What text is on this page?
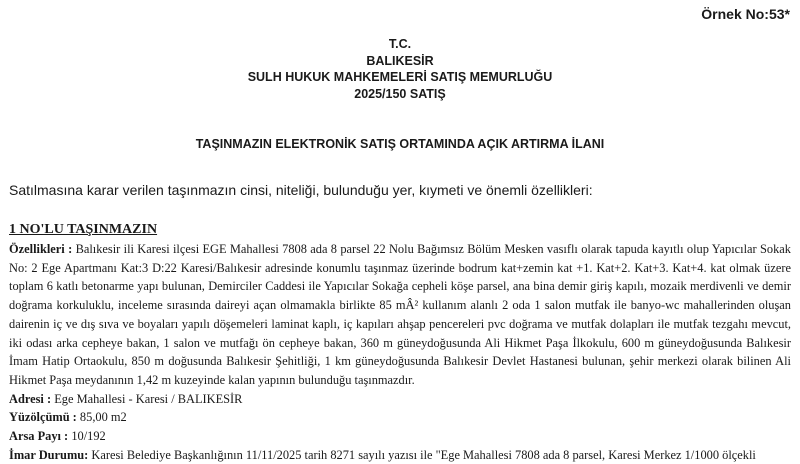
Örnek No:53*
T.C.
BALIKESİR
SULH HUKUK MAHKEMELERİ SATIŞ MEMURLUĞU
2025/150 SATIŞ
TAŞINMAZIN ELEKTRONİK SATIŞ ORTAMINDA AÇIK ARTIRMA İLANI
Satılmasına karar verilen taşınmazın cinsi, niteliği, bulunduğu yer, kıymeti ve önemli özellikleri:
1 NO'LU TAŞINMAZIN

Özellikleri : Balıkesir ili Karesi ilçesi EGE Mahallesi 7808 ada 8 parsel 22 Nolu Bağımsız Bölüm Mesken vasıflı olarak tapuda kayıtlı olup Yapıcılar Sokak No: 2 Ege Apartmanı Kat:3 D:22 Karesi/Balıkesir adresinde konumlu taşınmaz üzerinde bodrum kat+zemin kat +1. Kat+2. Kat+3. Kat+4. kat olmak üzere toplam 6 katlı betonarme yapı bulunan, Demirciler Caddesi ile Yapıcılar Sokağa cepheli köşe parsel, ana bina demir giriş kapılı, mozaik merdivenli ve demir doğrama korkuluklu, inceleme sırasında daireyi açan olmamakla birlikte 85 mÂ² kullanım alanlı 2 oda 1 salon mutfak ile banyo-wc mahallerinden oluşan dairenin iç ve dış sıva ve boyaları yapılı döşemeleri laminat kaplı, iç kapıları ahşap pencereleri pvc doğrama ve mutfak dolapları ile mutfak tezgahı mevcut, iki odası arka cepheye bakan, 1 salon ve mutfağı ön cepheye bakan, 360 m güneydoğusunda Ali Hikmet Paşa İlkokulu, 600 m güneydoğusunda Balıkesir İmam Hatip Ortaokulu, 850 m doğusunda Balıkesir Şehitliği, 1 km güneydoğusunda Balıkesir Devlet Hastanesi bulunan, şehir merkezi olarak bilinen Ali Hikmet Paşa meydanının 1,42 m kuzeyinde kalan yapının bulunduğu taşınmazdır.

Adresi : Ege Mahallesi - Karesi / BALIKESİR

Yüzölçümü : 85,00 m2

Arsa Payı : 10/192

İmar Durumu: Karesi Belediye Başkanlığının 11/11/2025 tarih 8271 sayılı yazısı ile "Ege Mahallesi 7808 ada 8 parsel, Karesi Merkez 1/1000 ölçekli
